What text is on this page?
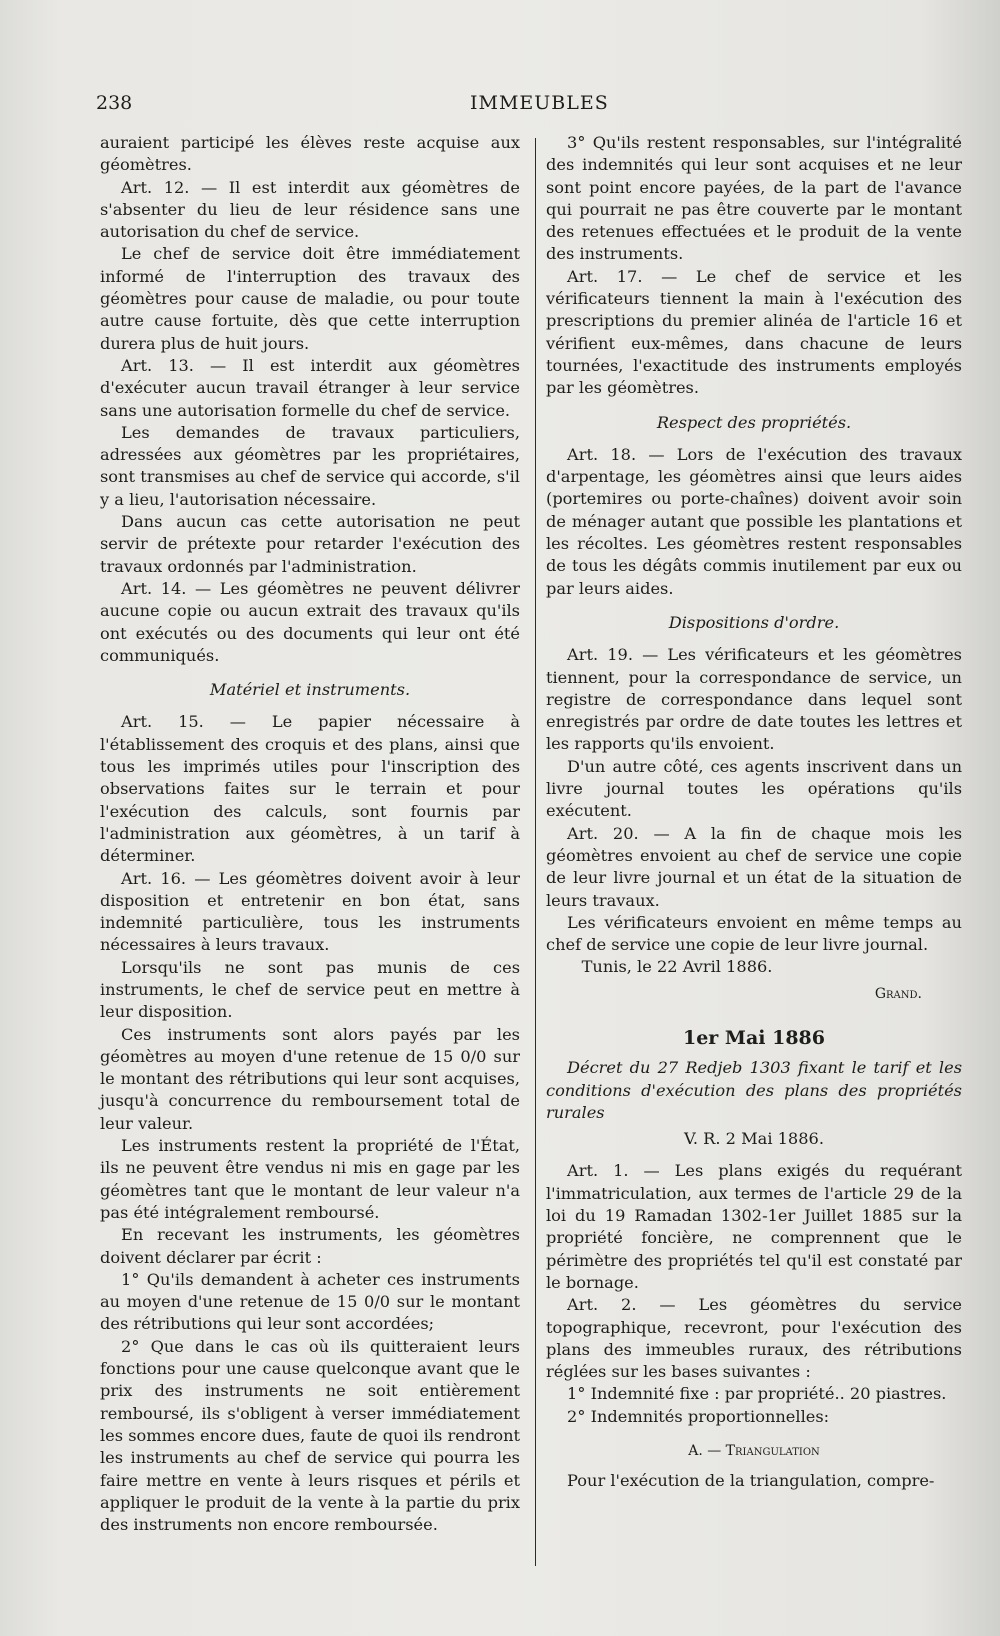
238	IMMEUBLES

auraient participé les élèves reste acquise aux géomètres.

Art. 12. — Il est interdit aux géomètres de s'absenter du lieu de leur résidence sans une autorisation du chef de service.

Le chef de service doit être immédiatement informé de l'interruption des travaux des géomètres pour cause de maladie, ou pour toute autre cause fortuite, dès que cette interruption durera plus de huit jours.

Art. 13. — Il est interdit aux géomètres d'exécuter aucun travail étranger à leur service sans une autorisation formelle du chef de service.

Les demandes de travaux particuliers, adressées aux géomètres par les propriétaires, sont transmises au chef de service qui accorde, s'il y a lieu, l'autorisation nécessaire.

Dans aucun cas cette autorisation ne peut servir de prétexte pour retarder l'exécution des travaux ordonnés par l'administration.

Art. 14. — Les géomètres ne peuvent délivrer aucune copie ou aucun extrait des travaux qu'ils ont exécutés ou des documents qui leur ont été communiqués.

Matériel et instruments.

Art. 15. — Le papier nécessaire à l'établissement des croquis et des plans, ainsi que tous les imprimés utiles pour l'inscription des observations faites sur le terrain et pour l'exécution des calculs, sont fournis par l'administration aux géomètres, à un tarif à déterminer.

Art. 16. — Les géomètres doivent avoir à leur disposition et entretenir en bon état, sans indemnité particulière, tous les instruments nécessaires à leurs travaux.

Lorsqu'ils ne sont pas munis de ces instruments, le chef de service peut en mettre à leur disposition.

Ces instruments sont alors payés par les géomètres au moyen d'une retenue de 15 0/0 sur le montant des rétributions qui leur sont acquises, jusqu'à concurrence du remboursement total de leur valeur.

Les instruments restent la propriété de l'État, ils ne peuvent être vendus ni mis en gage par les géomètres tant que le montant de leur valeur n'a pas été intégralement remboursé.

En recevant les instruments, les géomètres doivent déclarer par écrit :

1° Qu'ils demandent à acheter ces instruments au moyen d'une retenue de 15 0/0 sur le montant des rétributions qui leur sont accordées;

2° Que dans le cas où ils quitteraient leurs fonctions pour une cause quelconque avant que le prix des instruments ne soit entièrement remboursé, ils s'obligent à verser immédiatement les sommes encore dues, faute de quoi ils rendront les instruments au chef de service qui pourra les faire mettre en vente à leurs risques et périls et appliquer le produit de la vente à la partie du prix des instruments non encore remboursée.

3° Qu'ils restent responsables, sur l'intégralité des indemnités qui leur sont acquises et ne leur sont point encore payées, de la part de l'avance qui pourrait ne pas être couverte par le montant des retenues effectuées et le produit de la vente des instruments.

Art. 17. — Le chef de service et les vérificateurs tiennent la main à l'exécution des prescriptions du premier alinéa de l'article 16 et vérifient eux-mêmes, dans chacune de leurs tournées, l'exactitude des instruments employés par les géomètres.

Respect des propriétés.

Art. 18. — Lors de l'exécution des travaux d'arpentage, les géomètres ainsi que leurs aides (portemires ou porte-chaînes) doivent avoir soin de ménager autant que possible les plantations et les récoltes. Les géomètres restent responsables de tous les dégâts commis inutilement par eux ou par leurs aides.

Dispositions d'ordre.

Art. 19. — Les vérificateurs et les géomètres tiennent, pour la correspondance de service, un registre de correspondance dans lequel sont enregistrés par ordre de date toutes les lettres et les rapports qu'ils envoient.

D'un autre côté, ces agents inscrivent dans un livre journal toutes les opérations qu'ils exécutent.

Art. 20. — A la fin de chaque mois les géomètres envoient au chef de service une copie de leur livre journal et un état de la situation de leurs travaux.

Les vérificateurs envoient en même temps au chef de service une copie de leur livre journal.

Tunis, le 22 Avril 1886.

Grand.

1er Mai 1886

Décret du 27 Redjeb 1303 fixant le tarif et les conditions d'exécution des plans des propriétés rurales

V. R. 2 Mai 1886.

Art. 1. — Les plans exigés du requérant l'immatriculation, aux termes de l'article 29 de la loi du 19 Ramadan 1302-1er Juillet 1885 sur la propriété foncière, ne comprennent que le périmètre des propriétés tel qu'il est constaté par le bornage.

Art. 2. — Les géomètres du service topographique, recevront, pour l'exécution des plans des immeubles ruraux, des rétributions réglées sur les bases suivantes :

1° Indemnité fixe : par propriété.. 20 piastres.

2° Indemnités proportionnelles:

A. — Triangulation

Pour l'exécution de la triangulation, compre-
